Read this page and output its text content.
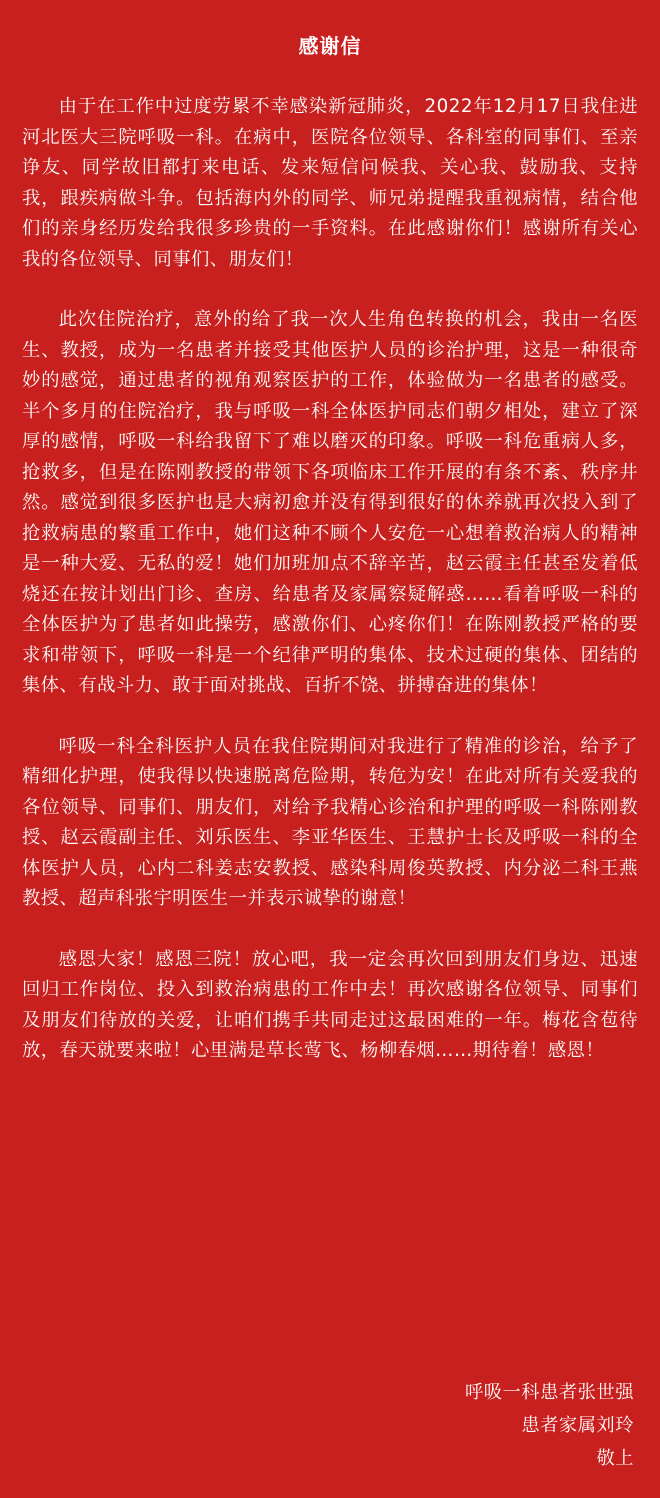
感谢信

由于在工作中过度劳累不幸感染新冠肺炎，2022年12月17日我住进河北医大三院呼吸一科。在病中，医院各位领导、各科室的同事们、至亲诤友、同学故旧都打来电话、发来短信问候我、关心我、鼓励我、支持我，跟疾病做斗争。包括海内外的同学、师兄弟提醒我重视病情，结合他们的亲身经历发给我很多珍贵的一手资料。在此感谢你们！感谢所有关心我的各位领导、同事们、朋友们！

此次住院治疗，意外的给了我一次人生角色转换的机会，我由一名医生、教授，成为一名患者并接受其他医护人员的诊治护理，这是一种很奇妙的感觉，通过患者的视角观察医护的工作，体验做为一名患者的感受。半个多月的住院治疗，我与呼吸一科全体医护同志们朝夕相处，建立了深厚的感情，呼吸一科给我留下了难以磨灭的印象。呼吸一科危重病人多，抢救多，但是在陈刚教授的带领下各项临床工作开展的有条不紊、秩序井然。感觉到很多医护也是大病初愈并没有得到很好的休养就再次投入到了抢救病患的繁重工作中，她们这种不顾个人安危一心想着救治病人的精神是一种大爱、无私的爱！她们加班加点不辞辛苦，赵云霞主任甚至发着低烧还在按计划出门诊、查房、给患者及家属察疑解惑……看着呼吸一科的全体医护为了患者如此操劳，感激你们、心疼你们！在陈刚教授严格的要求和带领下，呼吸一科是一个纪律严明的集体、技术过硬的集体、团结的集体、有战斗力、敢于面对挑战、百折不饶、拼搏奋进的集体！

呼吸一科全科医护人员在我住院期间对我进行了精准的诊治，给予了精细化护理，使我得以快速脱离危险期，转危为安！在此对所有关爱我的各位领导、同事们、朋友们，对给予我精心诊治和护理的呼吸一科陈刚教授、赵云霞副主任、刘乐医生、李亚华医生、王慧护士长及呼吸一科的全体医护人员，心内二科姜志安教授、感染科周俊英教授、内分泌二科王燕教授、超声科张宇明医生一并表示诚挚的谢意！

感恩大家！感恩三院！放心吧，我一定会再次回到朋友们身边、迅速回归工作岗位、投入到救治病患的工作中去！再次感谢各位领导、同事们及朋友们待放的关爱，让咱们携手共同走过这最困难的一年。梅花含苞待放，春天就要来啦！心里满是草长莺飞、杨柳春烟……期待着！感恩！

呼吸一科患者张世强
患者家属刘玲
敬上
